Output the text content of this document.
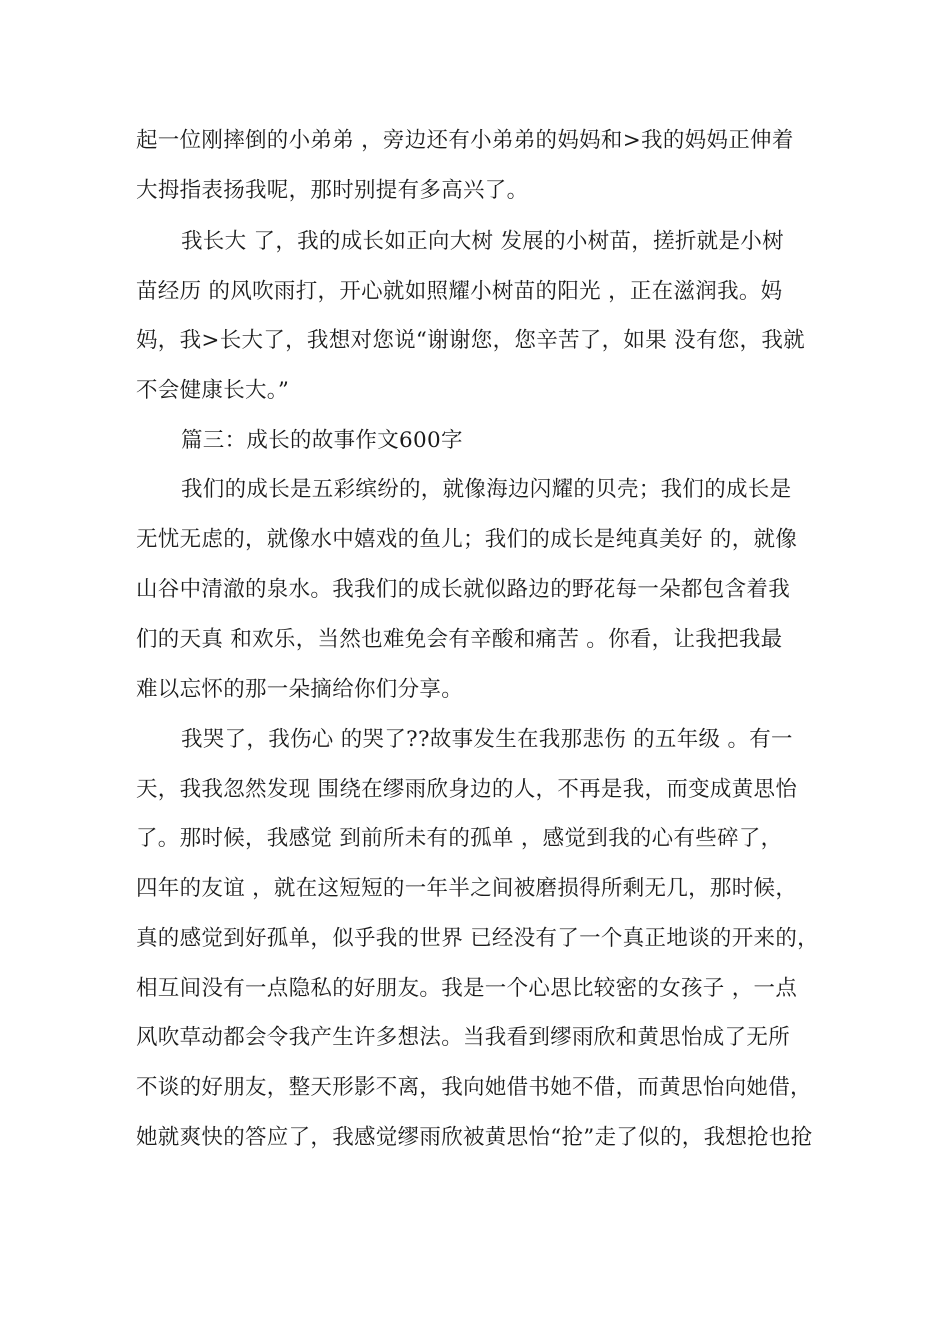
起一位刚摔倒的小弟弟 ，旁边还有小弟弟的妈妈和>我的妈妈正伸着
大拇指表扬我呢，那时别提有多高兴了。
我长大 了，我的成长如正向大树 发展的小树苗，搓折就是小树
苗经历 的风吹雨打，开心就如照耀小树苗的阳光 ，正在滋润我。妈
妈，我>长大了，我想对您说“谢谢您，您辛苦了，如果 没有您，我就
不会健康长大。”
篇三：成长的故事作文600字
我们的成长是五彩缤纷的，就像海边闪耀的贝壳；我们的成长是
无忧无虑的，就像水中嬉戏的鱼儿；我们的成长是纯真美好 的，就像
山谷中清澈的泉水。我我们的成长就似路边的野花每一朵都包含着我
们的天真 和欢乐，当然也难免会有辛酸和痛苦 。你看，让我把我最
难以忘怀的那一朵摘给你们分享。
我哭了，我伤心 的哭了??故事发生在我那悲伤 的五年级 。有一
天，我我忽然发现 围绕在缪雨欣身边的人，不再是我，而变成黄思怡
了。那时候，我感觉 到前所未有的孤单 ，感觉到我的心有些碎了，
四年的友谊 ，就在这短短的一年半之间被磨损得所剩无几，那时候，
真的感觉到好孤单，似乎我的世界 已经没有了一个真正地谈的开来的，
相互间没有一点隐私的好朋友。我是一个心思比较密的女孩子 ，一点
风吹草动都会令我产生许多想法。当我看到缪雨欣和黄思怡成了无所
不谈的好朋友，整天形影不离，我向她借书她不借，而黄思怡向她借，
她就爽快的答应了，我感觉缪雨欣被黄思怡“抢”走了似的，我想抢也抢
